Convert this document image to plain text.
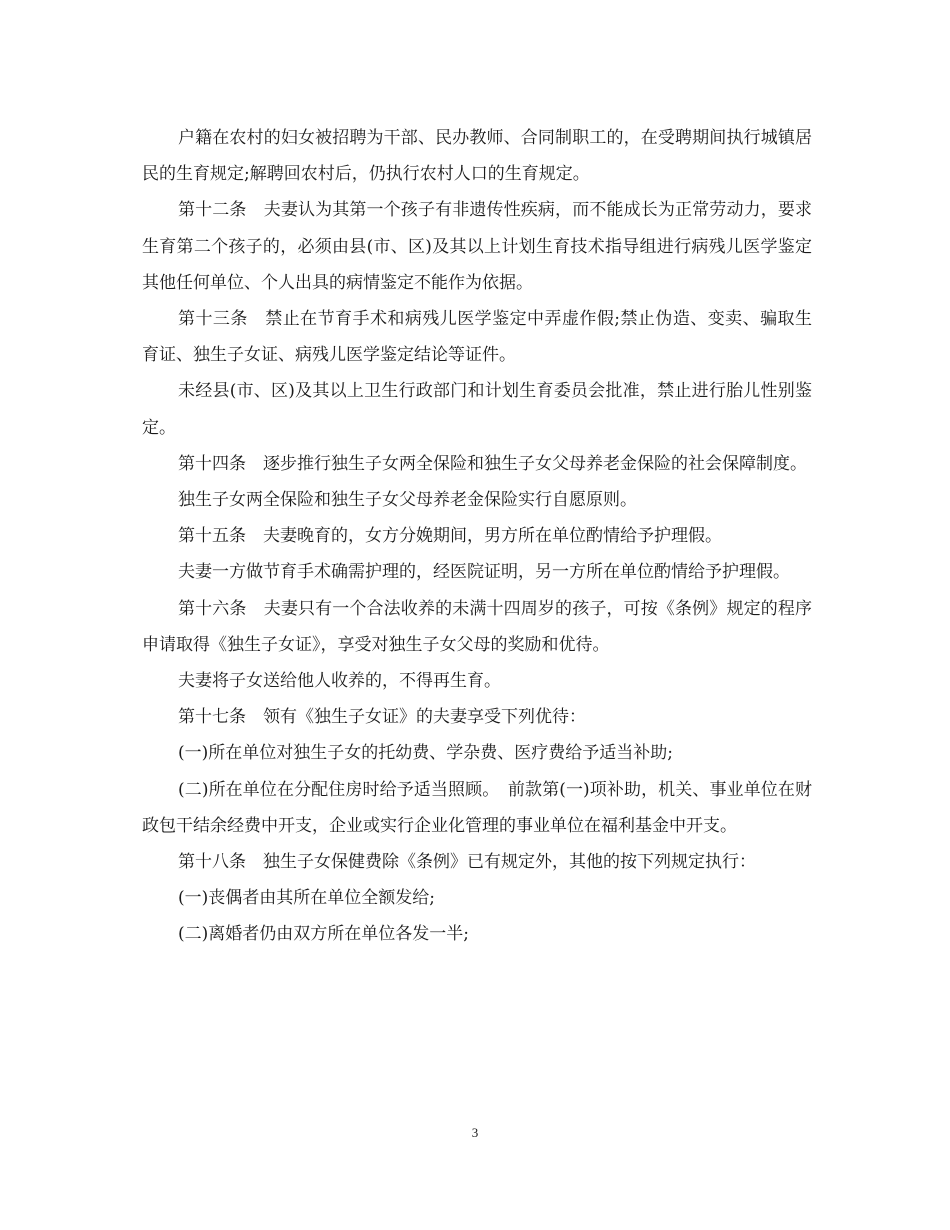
户籍在农村的妇女被招聘为干部、民办教师、合同制职工的，在受聘期间执行城镇居民的生育规定;解聘回农村后，仍执行农村人口的生育规定。

第十二条　夫妻认为其第一个孩子有非遗传性疾病，而不能成长为正常劳动力，要求生育第二个孩子的，必须由县(市、区)及其以上计划生育技术指导组进行病残儿医学鉴定其他任何单位、个人出具的病情鉴定不能作为依据。

第十三条　禁止在节育手术和病残儿医学鉴定中弄虚作假;禁止伪造、变卖、骗取生育证、独生子女证、病残儿医学鉴定结论等证件。

未经县(市、区)及其以上卫生行政部门和计划生育委员会批准，禁止进行胎儿性别鉴定。

第十四条　逐步推行独生子女两全保险和独生子女父母养老金保险的社会保障制度。

独生子女两全保险和独生子女父母养老金保险实行自愿原则。

第十五条　夫妻晚育的，女方分娩期间，男方所在单位酌情给予护理假。

夫妻一方做节育手术确需护理的，经医院证明，另一方所在单位酌情给予护理假。

第十六条　夫妻只有一个合法收养的未满十四周岁的孩子，可按《条例》规定的程序申请取得《独生子女证》，享受对独生子女父母的奖励和优待。

夫妻将子女送给他人收养的，不得再生育。

第十七条　领有《独生子女证》的夫妻享受下列优待：

(一)所在单位对独生子女的托幼费、学杂费、医疗费给予适当补助;

(二)所在单位在分配住房时给予适当照顾。　前款第(一)项补助，机关、事业单位在财政包干结余经费中开支，企业或实行企业化管理的事业单位在福利基金中开支。

第十八条　独生子女保健费除《条例》已有规定外，其他的按下列规定执行：

(一)丧偶者由其所在单位全额发给;

(二)离婚者仍由双方所在单位各发一半;

3
